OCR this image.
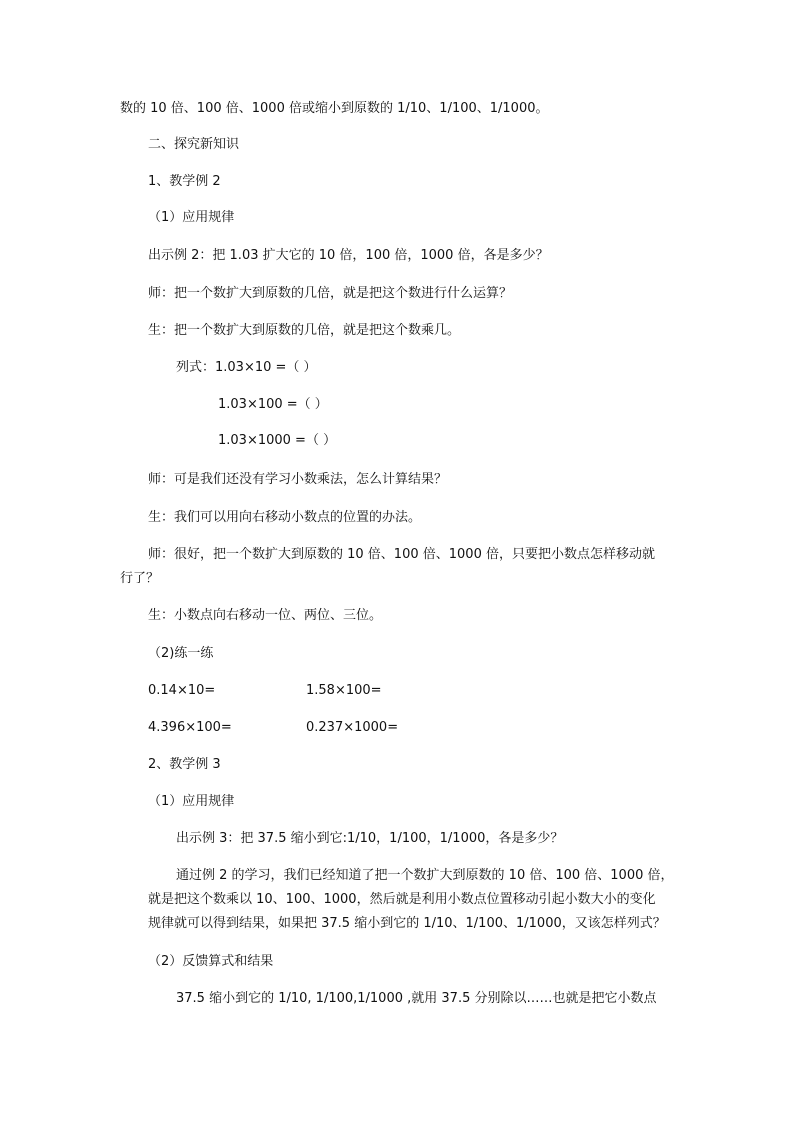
数的 10 倍、100 倍、1000 倍或缩小到原数的 1/10、1/100、1/1000。
二、探究新知识
1、教学例 2
（1）应用规律
出示例 2：把 1.03 扩大它的 10 倍，100 倍，1000 倍，各是多少？
师：把一个数扩大到原数的几倍，就是把这个数进行什么运算？
生：把一个数扩大到原数的几倍，就是把这个数乘几。
列式：1.03×10 =（ ）
1.03×100 =（ ）
1.03×1000 =（ ）
师：可是我们还没有学习小数乘法，怎么计算结果？
生：我们可以用向右移动小数点的位置的办法。
师：很好，把一个数扩大到原数的 10 倍、100 倍、1000 倍，只要把小数点怎样移动就
行了？
生：小数点向右移动一位、两位、三位。
（2)练一练
0.14×10=	1.58×100=
4.396×100=	0.237×1000=
2、教学例 3
（1）应用规律
出示例 3：把 37.5 缩小到它:1/10，1/100，1/1000，各是多少？
通过例 2 的学习，我们已经知道了把一个数扩大到原数的 10 倍、100 倍、1000 倍，
就是把这个数乘以 10、100、1000，然后就是利用小数点位置移动引起小数大小的变化
规律就可以得到结果，如果把 37.5 缩小到它的 1/10、1/100、1/1000，又该怎样列式？
（2）反馈算式和结果
37.5 缩小到它的 1/10, 1/100,1/1000 ,就用 37.5 分别除以……也就是把它小数点
